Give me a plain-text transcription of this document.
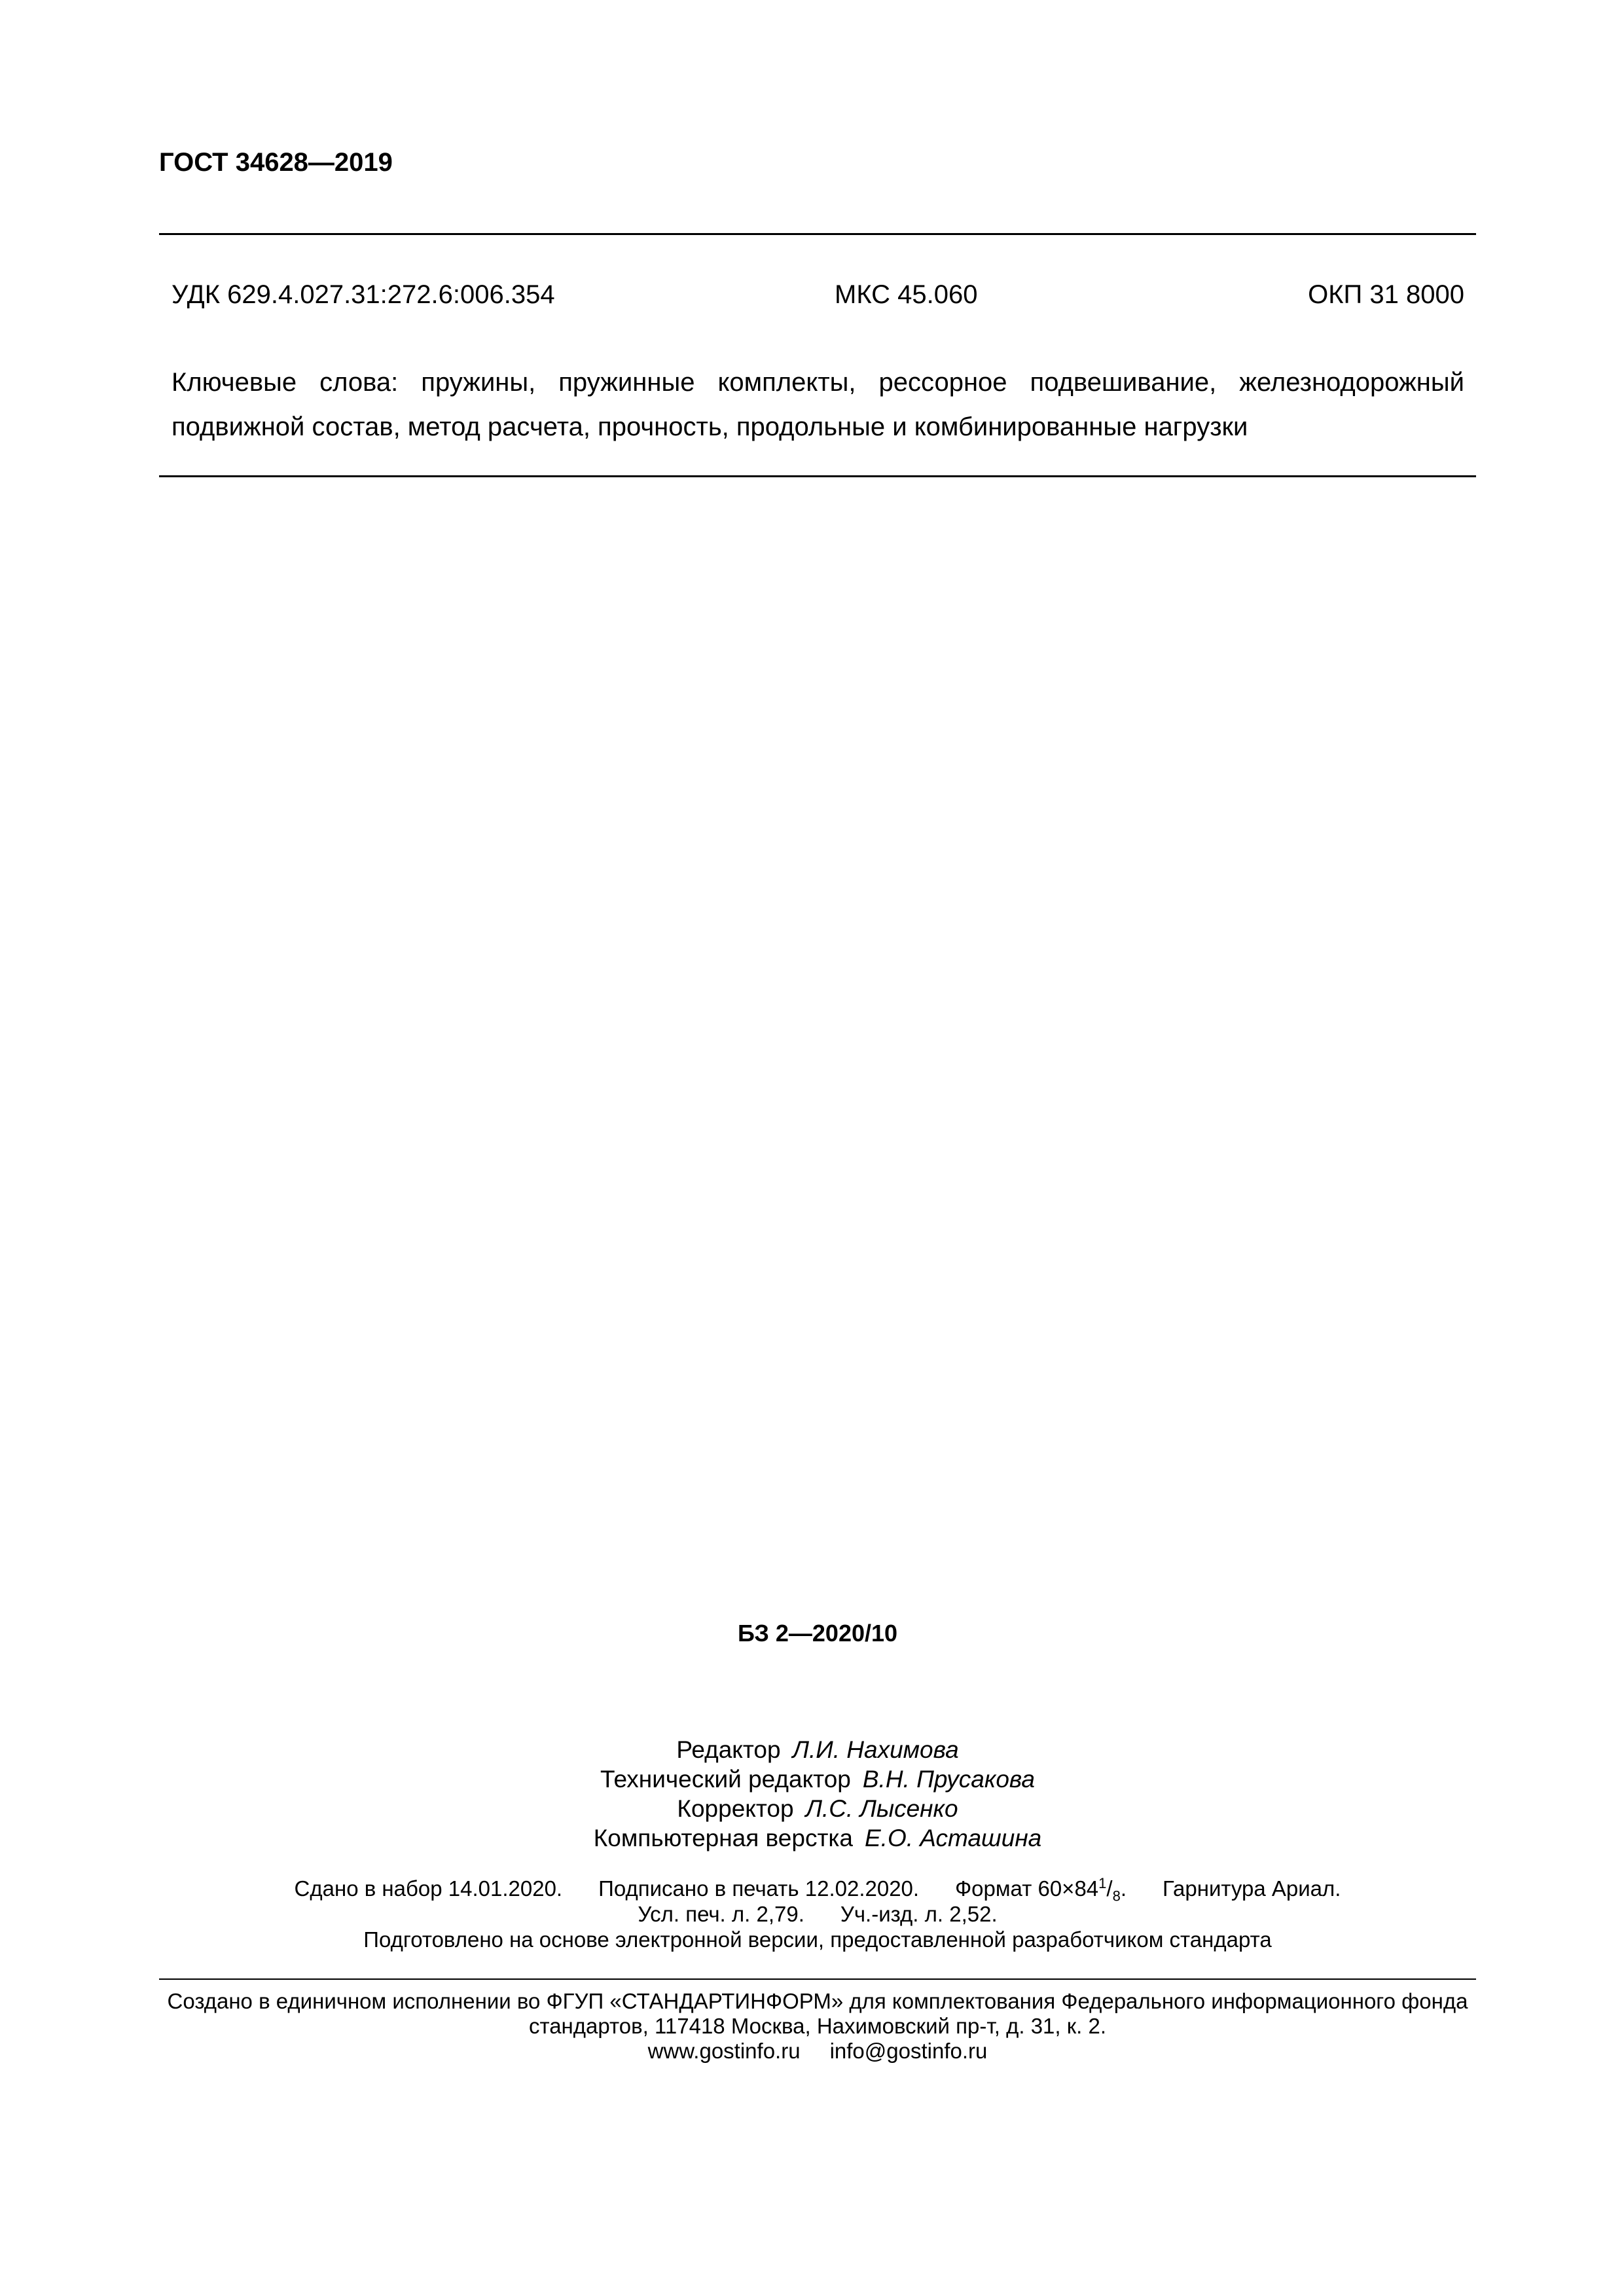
ГОСТ 34628—2019
УДК 629.4.027.31:272.6:006.354	МКС 45.060	ОКП 31 8000
Ключевые слова: пружины, пружинные комплекты, рессорное подвешивание, железнодорожный подвижной состав, метод расчета, прочность, продольные и комбинированные нагрузки
БЗ 2—2020/10
Редактор Л.И. Нахимова
Технический редактор В.Н. Прусакова
Корректор Л.С. Лысенко
Компьютерная верстка Е.О. Асташина
Сдано в набор 14.01.2020. Подписано в печать 12.02.2020. Формат $60\times 84^1/_8$. Гарнитура Ариал.
Усл. печ. л. 2,79. Уч.-изд. л. 2,52.
Подготовлено на основе электронной версии, предоставленной разработчиком стандарта
Создано в единичном исполнении во ФГУП «СТАНДАРТИНФОРМ» для комплектования Федерального информационного фонда
стандартов, 117418 Москва, Нахимовский пр-т, д. 31, к. 2.
www.gostinfo.ru info@gostinfo.ru
